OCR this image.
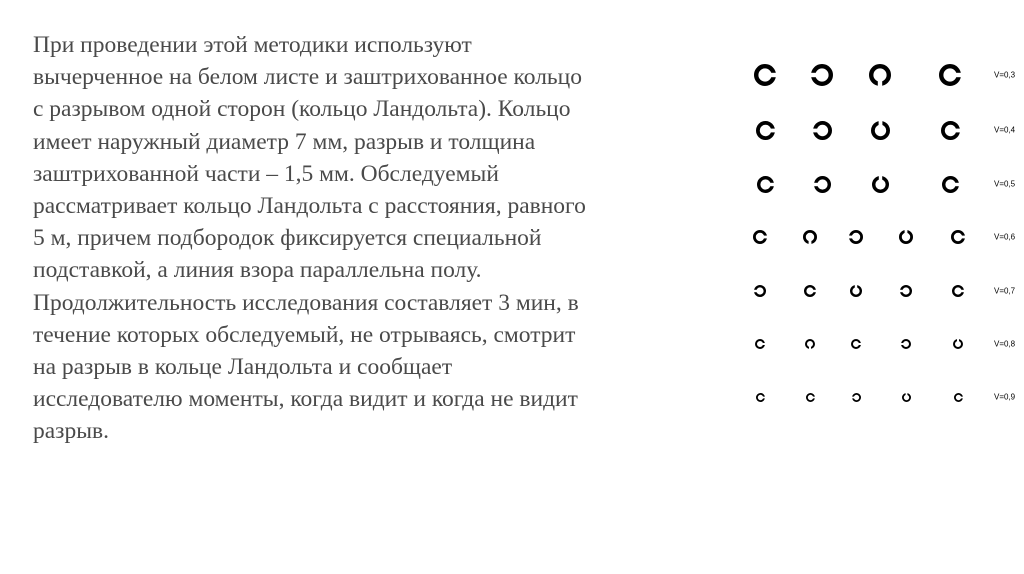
При проведении этой методики используют
вычерченное на белом листе и заштрихованное кольцо
с разрывом одной сторон (кольцо Ландольта). Кольцо
имеет наружный диаметр 7 мм, разрыв и толщина
заштрихованной части – 1,5 мм. Обследуемый
рассматривает кольцо Ландольта с расстояния, равного
5 м, причем подбородок фиксируется специальной
подставкой, а линия взора параллельна полу.
Продолжительность исследования составляет 3 мин, в
течение которых обследуемый, не отрываясь, смотрит
на разрыв в кольце Ландольта и сообщает
исследователю моменты, когда видит и когда не видит
разрыв.
V=0,3
V=0,4
V=0,5
V=0,6
V=0,7
V=0,8
V=0,9
